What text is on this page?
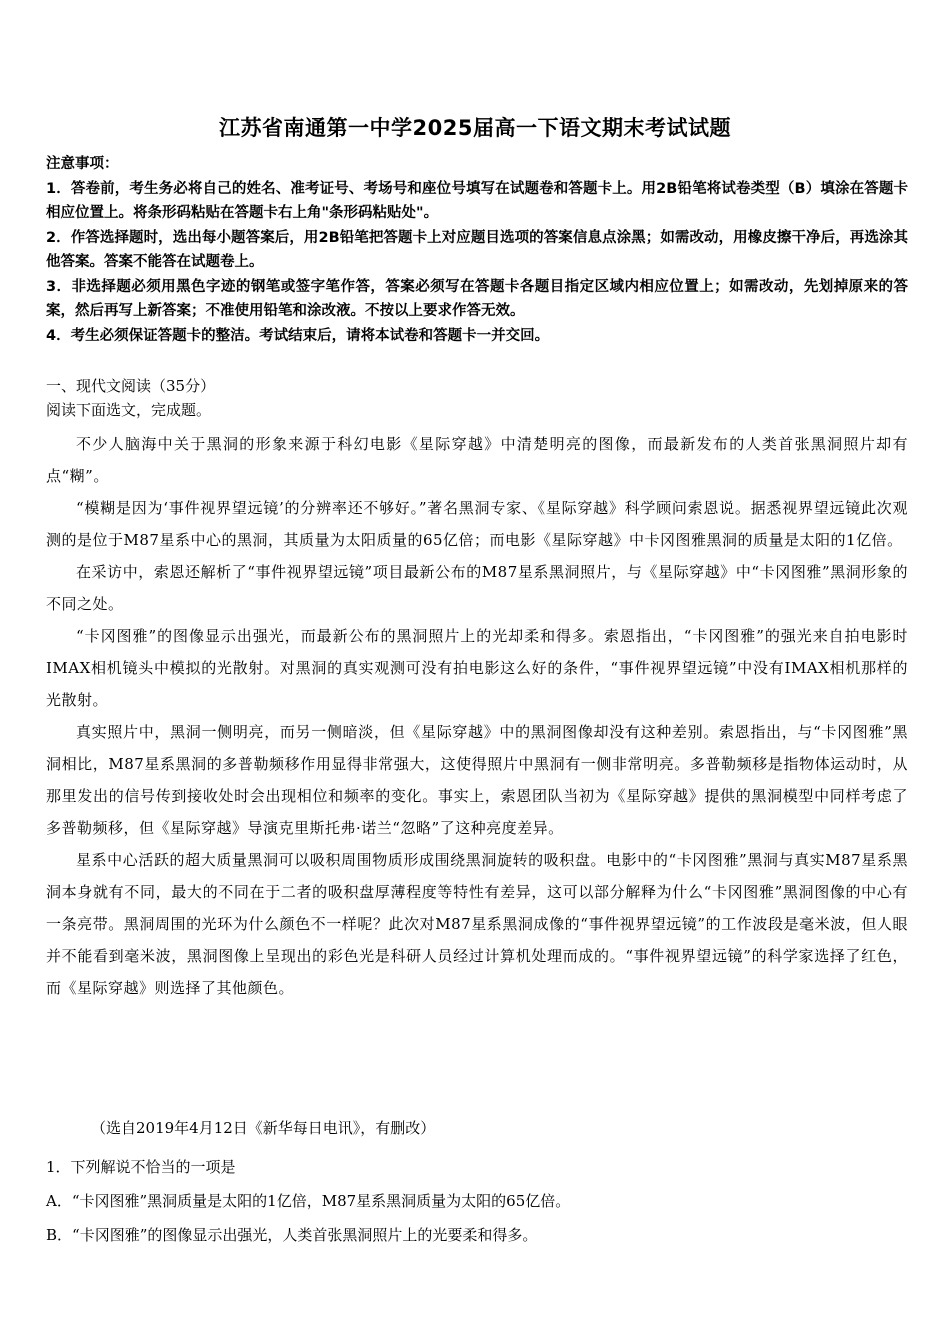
江苏省南通第一中学2025届高一下语文期末考试试题

注意事项：

1．答卷前，考生务必将自己的姓名、准考证号、考场号和座位号填写在试题卷和答题卡上。用2B铅笔将试卷类型（B）填涂在答题卡相应位置上。将条形码粘贴在答题卡右上角"条形码粘贴处"。

2．作答选择题时，选出每小题答案后，用2B铅笔把答题卡上对应题目选项的答案信息点涂黑；如需改动，用橡皮擦干净后，再选涂其他答案。答案不能答在试题卷上。

3．非选择题必须用黑色字迹的钢笔或签字笔作答，答案必须写在答题卡各题目指定区域内相应位置上；如需改动，先划掉原来的答案，然后再写上新答案；不准使用铅笔和涂改液。不按以上要求作答无效。

4．考生必须保证答题卡的整洁。考试结束后，请将本试卷和答题卡一并交回。

一、现代文阅读（35分）

阅读下面选文，完成题。

不少人脑海中关于黑洞的形象来源于科幻电影《星际穿越》中清楚明亮的图像，而最新发布的人类首张黑洞照片却有点“糊”。

“模糊是因为‘事件视界望远镜’的分辨率还不够好。”著名黑洞专家、《星际穿越》科学顾问索恩说。据悉视界望远镜此次观测的是位于M87星系中心的黑洞，其质量为太阳质量的65亿倍；而电影《星际穿越》中卡冈图雅黑洞的质量是太阳的1亿倍。

在采访中，索恩还解析了“事件视界望远镜”项目最新公布的M87星系黑洞照片，与《星际穿越》中“卡冈图雅”黑洞形象的不同之处。

“卡冈图雅”的图像显示出强光，而最新公布的黑洞照片上的光却柔和得多。索恩指出，“卡冈图雅”的强光来自拍电影时IMAX相机镜头中模拟的光散射。对黑洞的真实观测可没有拍电影这么好的条件，“事件视界望远镜”中没有IMAX相机那样的光散射。

真实照片中，黑洞一侧明亮，而另一侧暗淡，但《星际穿越》中的黑洞图像却没有这种差别。索恩指出，与“卡冈图雅”黑洞相比，M87星系黑洞的多普勒频移作用显得非常强大，这使得照片中黑洞有一侧非常明亮。多普勒频移是指物体运动时，从那里发出的信号传到接收处时会出现相位和频率的变化。事实上，索恩团队当初为《星际穿越》提供的黑洞模型中同样考虑了多普勒频移，但《星际穿越》导演克里斯托弗·诺兰“忽略”了这种亮度差异。

星系中心活跃的超大质量黑洞可以吸积周围物质形成围绕黑洞旋转的吸积盘。电影中的“卡冈图雅”黑洞与真实M87星系黑洞本身就有不同，最大的不同在于二者的吸积盘厚薄程度等特性有差异，这可以部分解释为什么“卡冈图雅”黑洞图像的中心有一条亮带。黑洞周围的光环为什么颜色不一样呢？此次对M87星系黑洞成像的“事件视界望远镜”的工作波段是毫米波，但人眼并不能看到毫米波，黑洞图像上呈现出的彩色光是科研人员经过计算机处理而成的。“事件视界望远镜”的科学家选择了红色，而《星际穿越》则选择了其他颜色。

（选自2019年4月12日《新华每日电讯》，有删改）

1．下列解说不恰当的一项是

A．“卡冈图雅”黑洞质量是太阳的1亿倍，M87星系黑洞质量为太阳的65亿倍。

B．“卡冈图雅”的图像显示出强光，人类首张黑洞照片上的光要柔和得多。
